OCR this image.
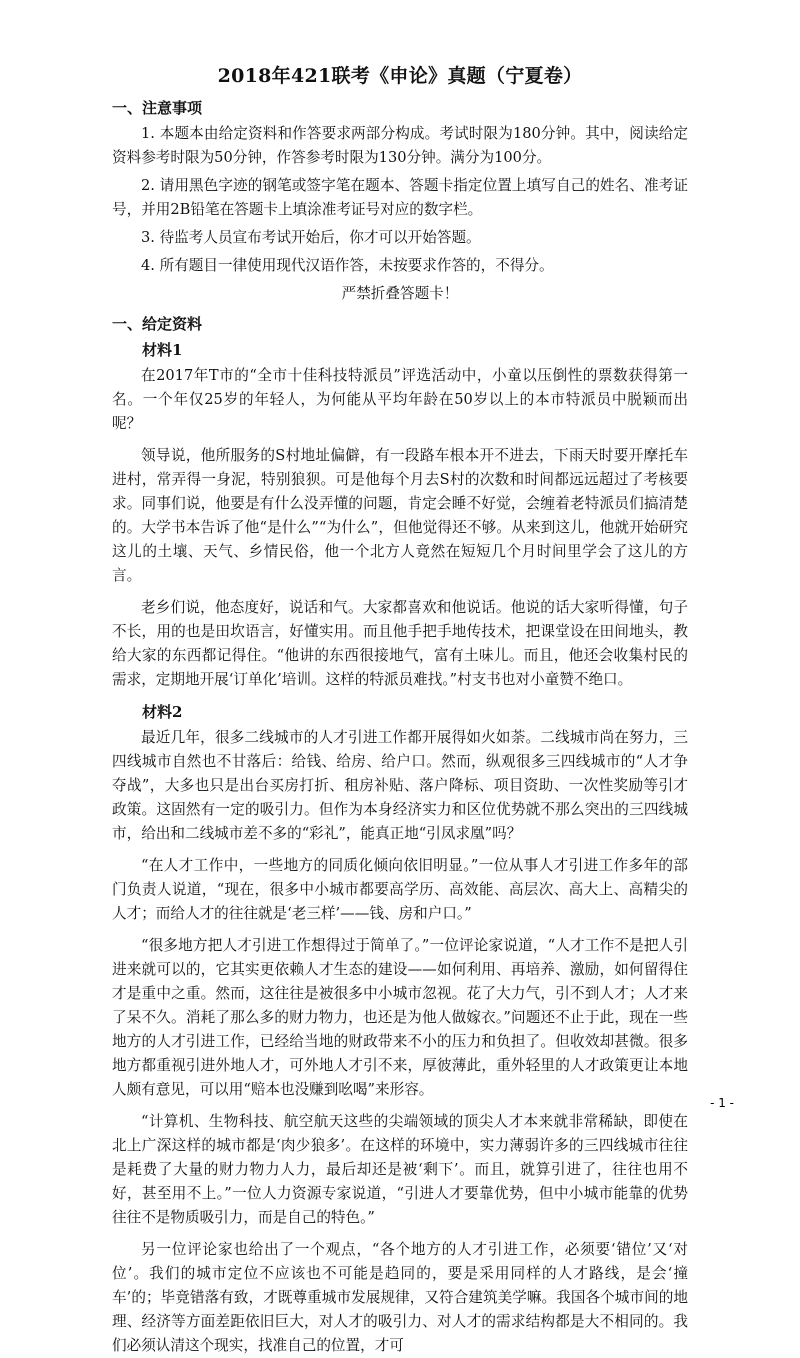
2018年421联考《申论》真题（宁夏卷）
一、注意事项
1. 本题本由给定资料和作答要求两部分构成。考试时限为180分钟。其中，阅读给定资料参考时限为50分钟，作答参考时限为130分钟。满分为100分。
2. 请用黑色字迹的钢笔或签字笔在题本、答题卡指定位置上填写自己的姓名、准考证号，并用2B铅笔在答题卡上填涂准考证号对应的数字栏。
3. 待监考人员宣布考试开始后，你才可以开始答题。
4. 所有题目一律使用现代汉语作答，未按要求作答的，不得分。
严禁折叠答题卡！
一、给定资料
材料1
在2017年T市的“全市十佳科技特派员”评选活动中，小童以压倒性的票数获得第一名。一个年仅25岁的年轻人，为何能从平均年龄在50岁以上的本市特派员中脱颖而出呢？
领导说，他所服务的S村地址偏僻，有一段路车根本开不进去，下雨天时要开摩托车进村，常弄得一身泥，特别狼狈。可是他每个月去S村的次数和时间都远远超过了考核要求。同事们说，他要是有什么没弄懂的问题，肯定会睡不好觉，会缠着老特派员们搞清楚的。大学书本告诉了他“是什么”“为什么”，但他觉得还不够。从来到这儿，他就开始研究这儿的土壤、天气、乡情民俗，他一个北方人竟然在短短几个月时间里学会了这儿的方言。
老乡们说，他态度好，说话和气。大家都喜欢和他说话。他说的话大家听得懂，句子不长，用的也是田坎语言，好懂实用。而且他手把手地传技术，把课堂设在田间地头，教给大家的东西都记得住。“他讲的东西很接地气，富有土味儿。而且，他还会收集村民的需求，定期地开展‘订单化’培训。这样的特派员难找。”村支书也对小童赞不绝口。
材料2
最近几年，很多二线城市的人才引进工作都开展得如火如荼。二线城市尚在努力，三四线城市自然也不甘落后：给钱、给房、给户口。然而，纵观很多三四线城市的“人才争夺战”，大多也只是出台买房打折、租房补贴、落户降标、项目资助、一次性奖励等引才政策。这固然有一定的吸引力。但作为本身经济实力和区位优势就不那么突出的三四线城市，给出和二线城市差不多的“彩礼”，能真正地“引凤求凰”吗？
“在人才工作中，一些地方的同质化倾向依旧明显。”一位从事人才引进工作多年的部门负责人说道，“现在，很多中小城市都要高学历、高效能、高层次、高大上、高精尖的人才；而给人才的往往就是‘老三样’——钱、房和户口。”
“很多地方把人才引进工作想得过于简单了。”一位评论家说道，“人才工作不是把人引进来就可以的，它其实更依赖人才生态的建设——如何利用、再培养、激励，如何留得住才是重中之重。然而，这往往是被很多中小城市忽视。花了大力气，引不到人才；人才来了呆不久。消耗了那么多的财力物力，也还是为他人做嫁衣。”问题还不止于此，现在一些地方的人才引进工作，已经给当地的财政带来不小的压力和负担了。但收效却甚微。很多地方都重视引进外地人才，可外地人才引不来，厚彼薄此，重外轻里的人才政策更让本地人颇有意见，可以用“赔本也没赚到吆喝”来形容。
“计算机、生物科技、航空航天这些的尖端领域的顶尖人才本来就非常稀缺，即使在北上广深这样的城市都是‘肉少狼多’。在这样的环境中，实力薄弱许多的三四线城市往往是耗费了大量的财力物力人力，最后却还是被‘剩下’。而且，就算引进了，往往也用不好，甚至用不上。”一位人力资源专家说道，“引进人才要靠优势，但中小城市能靠的优势往往不是物质吸引力，而是自己的特色。”
另一位评论家也给出了一个观点，“各个地方的人才引进工作，必须要‘错位’又‘对位’。我们的城市定位不应该也不可能是趋同的，要是采用同样的人才路线，是会‘撞车’的；毕竟错落有致，才既尊重城市发展规律，又符合建筑美学嘛。我国各个城市间的地理、经济等方面差距依旧巨大，对人才的吸引力、对人才的需求结构都是大不相同的。我们必须认清这个现实，找准自己的位置，才可
- 1 -
